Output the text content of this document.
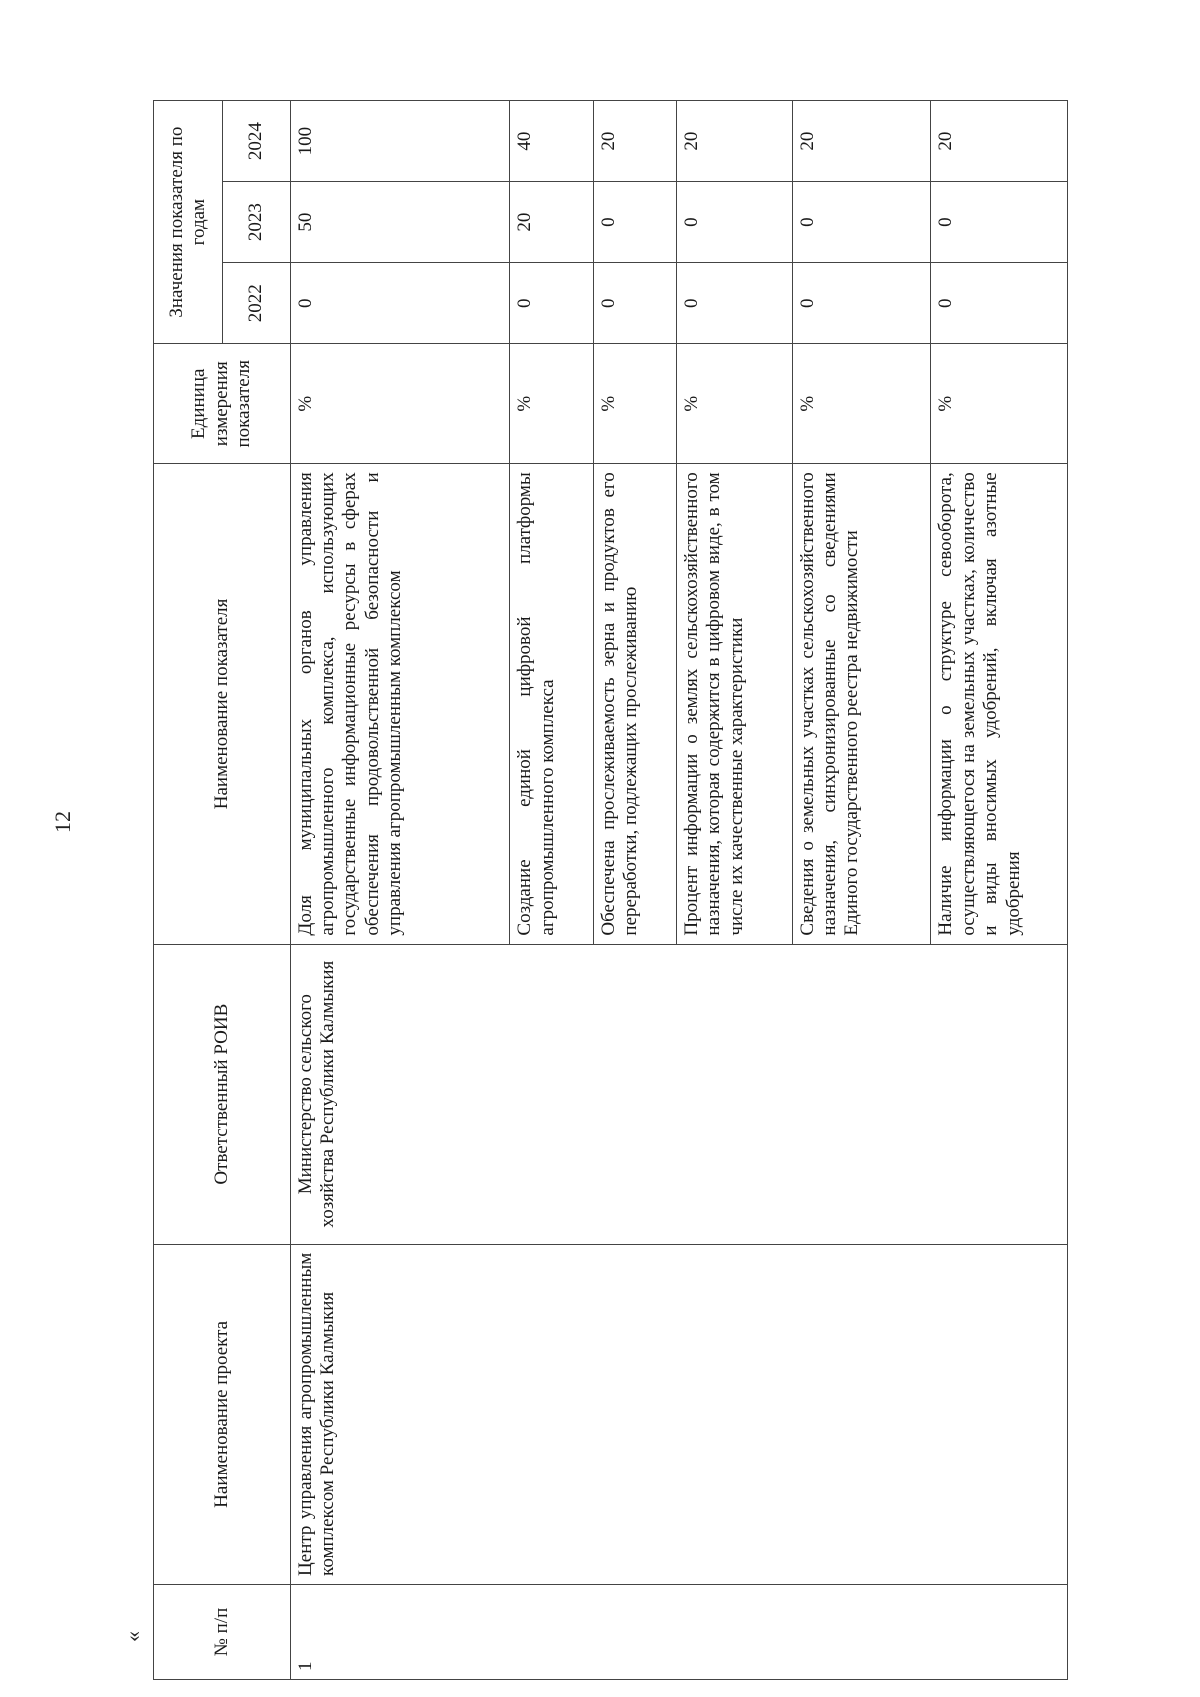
12
«	№ п/п	Наименование проекта	Ответственный РОИВ	Наименование показателя	Единица измерения показателя	Значения показателя по годам		
					2022	2023	2024
1	Центр управления агропромышленным комплексом Республики Калмыкия	Министерство сельского хозяйства Республики Калмыкия	Доля муниципальных органов управления агропромышленного комплекса, использующих государственные информационные ресурсы в сферах обеспечения продовольственной безопасности и управления агропромышленным комплексом	%	0	50	100
			Создание единой цифровой платформы агропромышленного комплекса	%	0	20	40
			Обеспечена прослеживаемость зерна и продуктов его переработки, подлежащих прослеживанию	%	0	0	20
			Процент информации о землях сельскохозяйственного назначения, которая содержится в цифровом виде, в том числе их качественные характеристики	%	0	0	20
			Сведения о земельных участках сельскохозяйственного назначения, синхронизированные со сведениями Единого государственного реестра недвижимости	%	0	0	20
			Наличие информации о структуре севооборота, осуществляющегося на земельных участках, количество и виды вносимых удобрений, включая азотные удобрения	%	0	0	20
